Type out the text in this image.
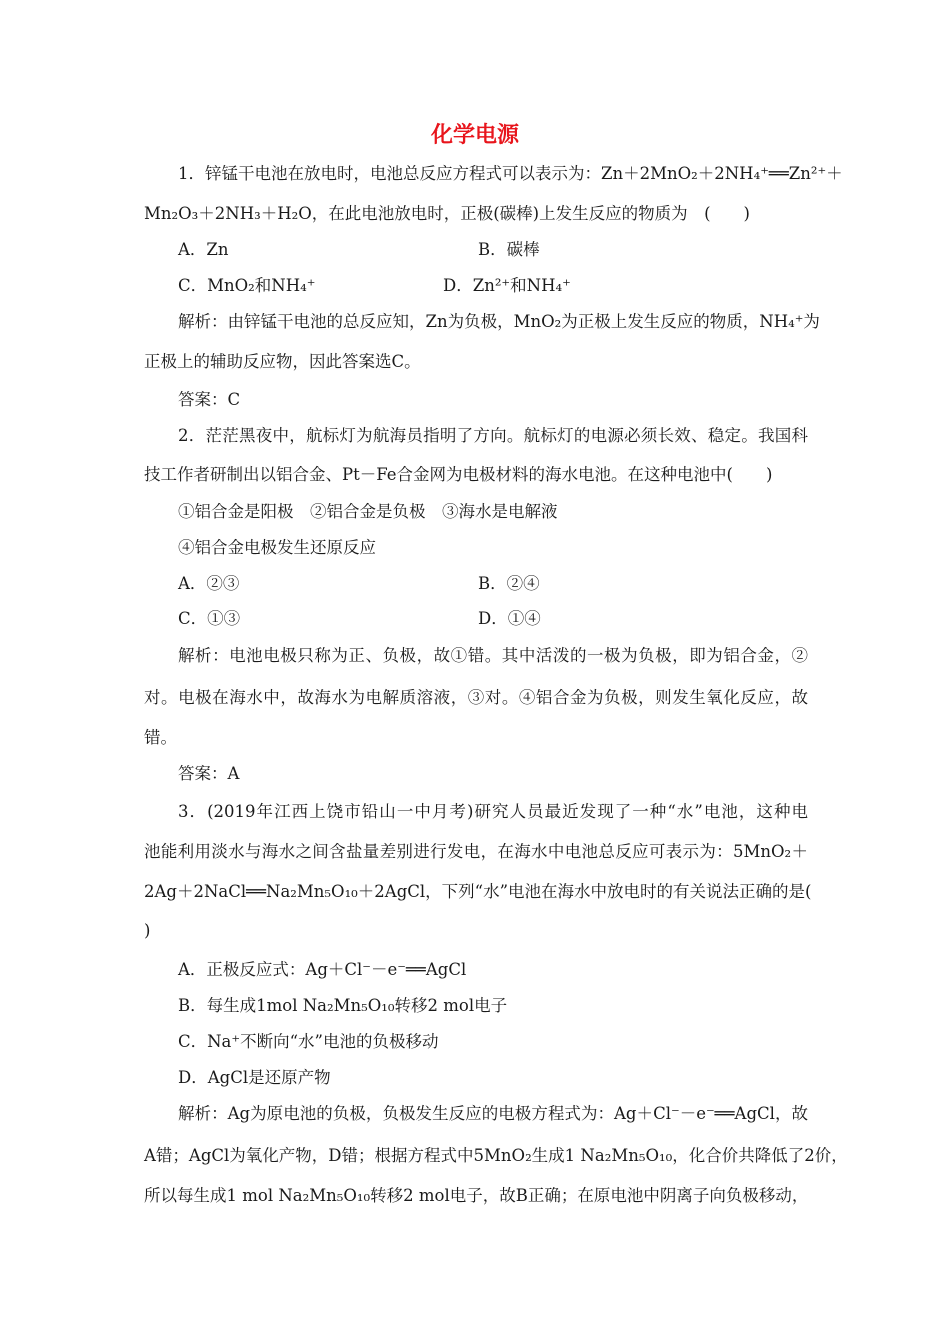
化学电源
1．锌锰干电池在放电时，电池总反应方程式可以表示为：Zn＋2MnO₂＋2NH₄⁺══Zn²⁺＋
Mn₂O₃＋2NH₃＋H₂O，在此电池放电时，正极(碳棒)上发生反应的物质为　(　　)
A．Zn	B．碳棒
C．MnO₂和NH₄⁺	D．Zn²⁺和NH₄⁺
解析：由锌锰干电池的总反应知，Zn为负极，MnO₂为正极上发生反应的物质，NH₄⁺为
正极上的辅助反应物，因此答案选C。
答案：C
2．茫茫黑夜中，航标灯为航海员指明了方向。航标灯的电源必须长效、稳定。我国科
技工作者研制出以铝合金、Pt－Fe合金网为电极材料的海水电池。在这种电池中(　　)
①铝合金是阳极　②铝合金是负极　③海水是电解液
④铝合金电极发生还原反应
A．②③	B．②④
C．①③	D．①④
解析：电池电极只称为正、负极，故①错。其中活泼的一极为负极，即为铝合金，②
对。电极在海水中，故海水为电解质溶液，③对。④铝合金为负极，则发生氧化反应，故
错。
答案：A
3．(2019年江西上饶市铅山一中月考)研究人员最近发现了一种“水”电池，这种电
池能利用淡水与海水之间含盐量差别进行发电，在海水中电池总反应可表示为：5MnO₂＋
2Ag＋2NaCl══Na₂Mn₅O₁₀＋2AgCl，下列“水”电池在海水中放电时的有关说法正确的是(
)
A．正极反应式：Ag＋Cl⁻－e⁻══AgCl
B．每生成1mol Na₂Mn₅O₁₀转移2 mol电子
C．Na⁺不断向“水”电池的负极移动
D．AgCl是还原产物
解析：Ag为原电池的负极，负极发生反应的电极方程式为：Ag＋Cl⁻－e⁻══AgCl，故
A错；AgCl为氧化产物，D错；根据方程式中5MnO₂生成1 Na₂Mn₅O₁₀，化合价共降低了2价，
所以每生成1 mol Na₂Mn₅O₁₀转移2 mol电子，故B正确；在原电池中阴离子向负极移动，
